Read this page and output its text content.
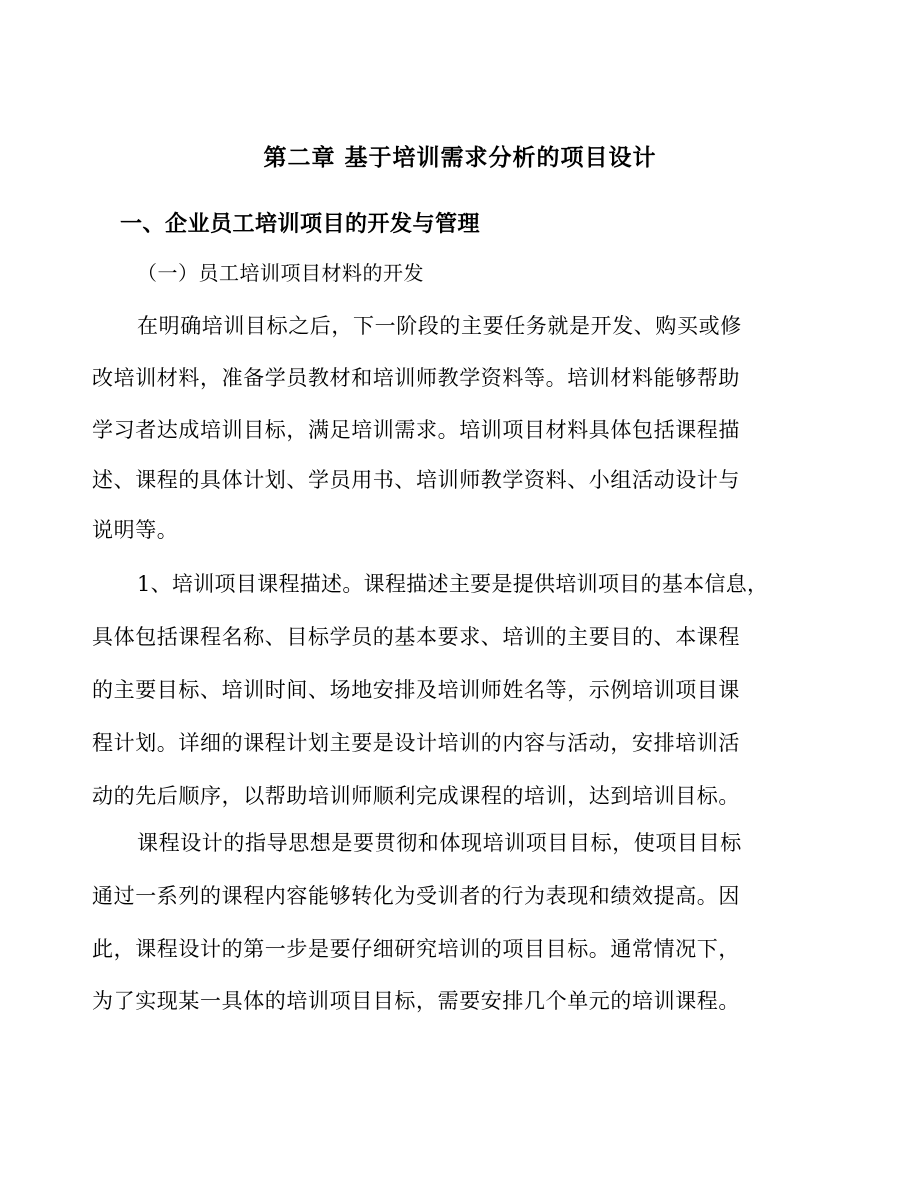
第二章 基于培训需求分析的项目设计
一、企业员工培训项目的开发与管理
（一）员工培训项目材料的开发
在明确培训目标之后，下一阶段的主要任务就是开发、购买或修
改培训材料，准备学员教材和培训师教学资料等。培训材料能够帮助
学习者达成培训目标，满足培训需求。培训项目材料具体包括课程描
述、课程的具体计划、学员用书、培训师教学资料、小组活动设计与
说明等。
1、培训项目课程描述。课程描述主要是提供培训项目的基本信息，
具体包括课程名称、目标学员的基本要求、培训的主要目的、本课程
的主要目标、培训时间、场地安排及培训师姓名等，示例培训项目课
程计划。详细的课程计划主要是设计培训的内容与活动，安排培训活
动的先后顺序，以帮助培训师顺利完成课程的培训，达到培训目标。
课程设计的指导思想是要贯彻和体现培训项目目标，使项目目标
通过一系列的课程内容能够转化为受训者的行为表现和绩效提高。因
此，课程设计的第一步是要仔细研究培训的项目目标。通常情况下，
为了实现某一具体的培训项目目标，需要安排几个单元的培训课程。
